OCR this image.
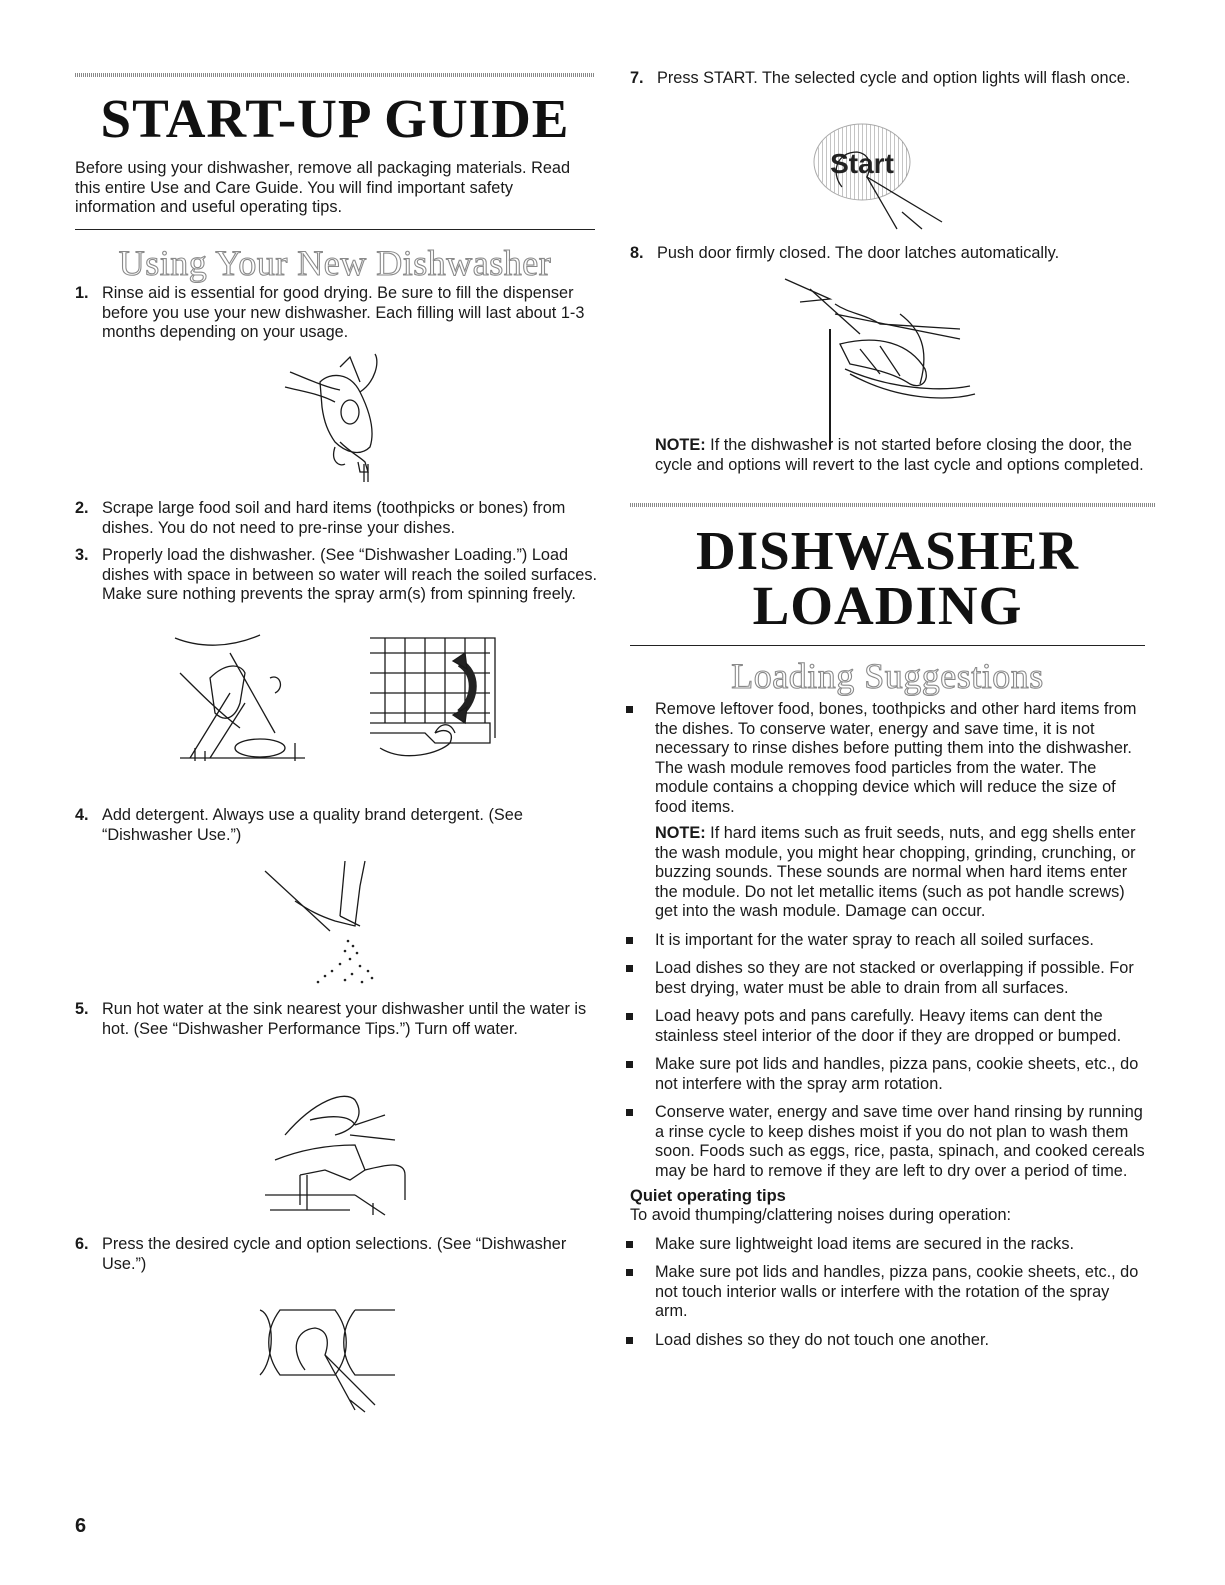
START-UP GUIDE

Before using your dishwasher, remove all packaging materials. Read this entire Use and Care Guide. You will find important safety information and useful operating tips.

Using Your New Dishwasher
1. Rinse aid is essential for good drying. Be sure to fill the dispenser before you use your new dishwasher. Each filling will last about 1-3 months depending on your usage.
2. Scrape large food soil and hard items (toothpicks or bones) from dishes. You do not need to pre-rinse your dishes.
3. Properly load the dishwasher. (See “Dishwasher Loading.”) Load dishes with space in between so water will reach the soiled surfaces. Make sure nothing prevents the spray arm(s) from spinning freely.
4. Add detergent. Always use a quality brand detergent. (See “Dishwasher Use.”)
5. Run hot water at the sink nearest your dishwasher until the water is hot. (See “Dishwasher Performance Tips.”) Turn off water.
6. Press the desired cycle and option selections. (See “Dishwasher Use.”)
6
7. Press START. The selected cycle and option lights will flash once.
Start
8. Push door firmly closed. The door latches automatically.

NOTE: If the dishwasher is not started before closing the door, the cycle and options will revert to the last cycle and options completed.

DISHWASHER
LOADING
Loading Suggestions
Remove leftover food, bones, toothpicks and other hard items from the dishes. To conserve water, energy and save time, it is not necessary to rinse dishes before putting them into the dishwasher. The wash module removes food particles from the water. The module contains a chopping device which will reduce the size of food items.

NOTE: If hard items such as fruit seeds, nuts, and egg shells enter the wash module, you might hear chopping, grinding, crunching, or buzzing sounds. These sounds are normal when hard items enter the module. Do not let metallic items (such as pot handle screws) get into the wash module. Damage can occur.

It is important for the water spray to reach all soiled surfaces.
Load dishes so they are not stacked or overlapping if possible. For best drying, water must be able to drain from all surfaces.
Load heavy pots and pans carefully. Heavy items can dent the stainless steel interior of the door if they are dropped or bumped.
Make sure pot lids and handles, pizza pans, cookie sheets, etc., do not interfere with the spray arm rotation.
Conserve water, energy and save time over hand rinsing by running a rinse cycle to keep dishes moist if you do not plan to wash them soon. Foods such as eggs, rice, pasta, spinach, and cooked cereals may be hard to remove if they are left to dry over a period of time.
Quiet operating tips

To avoid thumping/clattering noises during operation:

Make sure lightweight load items are secured in the racks.
Make sure pot lids and handles, pizza pans, cookie sheets, etc., do not touch interior walls or interfere with the rotation of the spray arm.
Load dishes so they do not touch one another.
